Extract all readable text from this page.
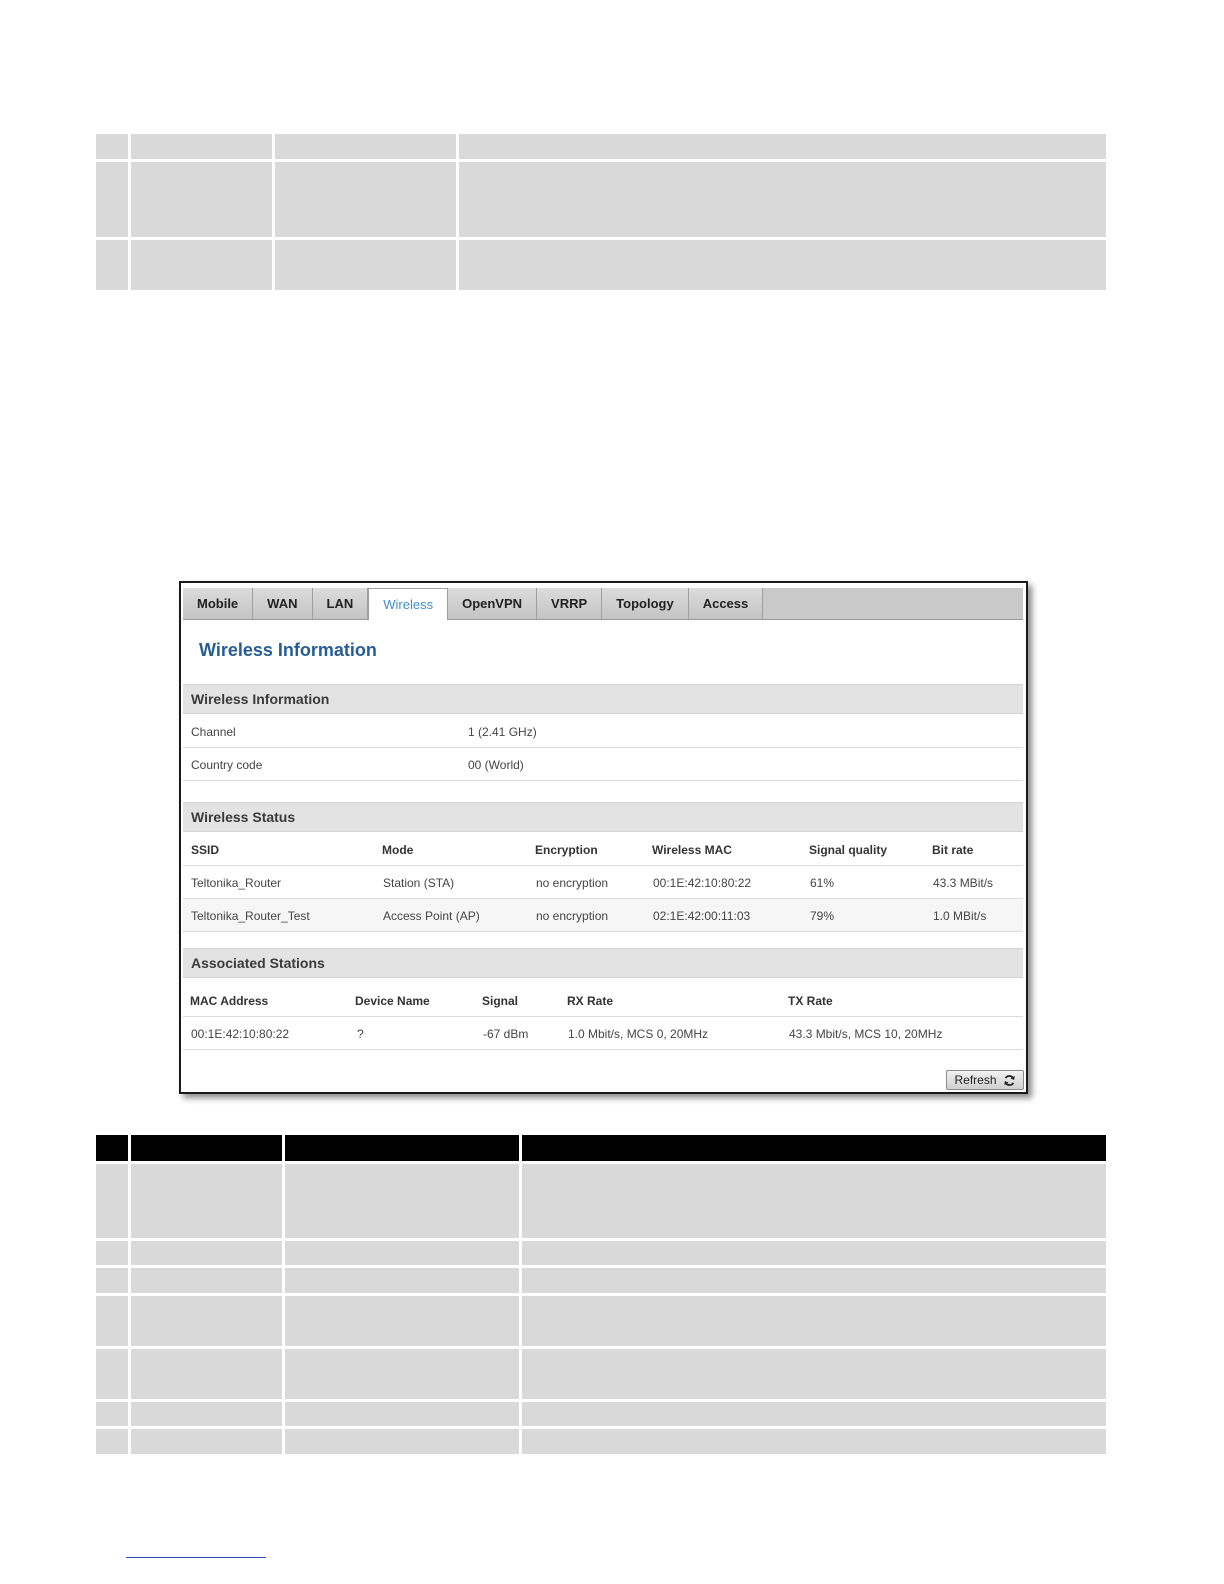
Mobile	WAN	LAN	Wireless	OpenVPN	VRRP	Topology	Access
Wireless Information
Wireless Information
Channel	1 (2.41 GHz)
Country code	00 (World)
Wireless Status
SSID	Mode	Encryption	Wireless MAC	Signal quality	Bit rate
Teltonika_Router	Station (STA)	no encryption	00:1E:42:10:80:22	61%	43.3 MBit/s
Teltonika_Router_Test	Access Point (AP)	no encryption	02:1E:42:00:11:03	79%	1.0 MBit/s
Associated Stations
MAC Address	Device Name	Signal	RX Rate	TX Rate
00:1E:42:10:80:22	?	-67 dBm	1.0 Mbit/s, MCS 0, 20MHz	43.3 Mbit/s, MCS 10, 20MHz
Refresh
